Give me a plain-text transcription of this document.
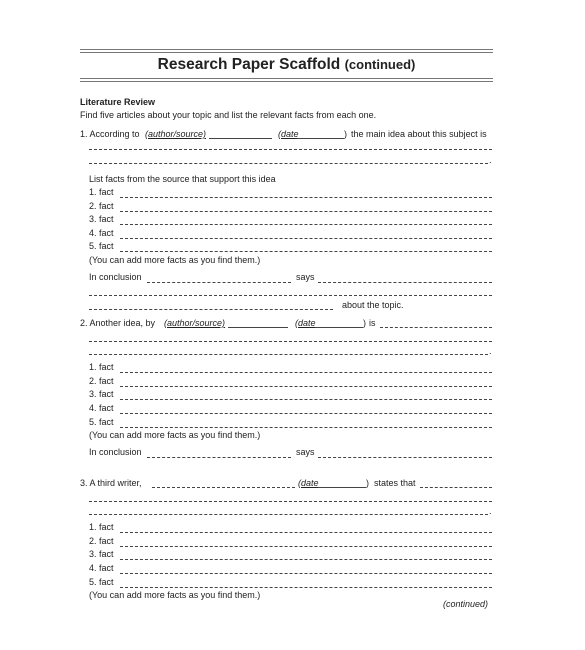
Research Paper Scaffold (continued)
Literature Review
Find five articles about your topic and list the relevant facts from each one.
1. According to (author/source)	(date	) the main idea about this subject is
.
List facts from the source that support this idea
1. fact
2. fact
3. fact
4. fact
5. fact
(You can add more facts as you find them.)
In conclusion	says
about the topic.
2. Another idea, by (author/source)	(date	) is
.
1. fact
2. fact
3. fact
4. fact
5. fact
(You can add more facts as you find them.)
In conclusion	says
3. A third writer,	(date	) states that
.
1. fact
2. fact
3. fact
4. fact
5. fact
(You can add more facts as you find them.)
(continued)
